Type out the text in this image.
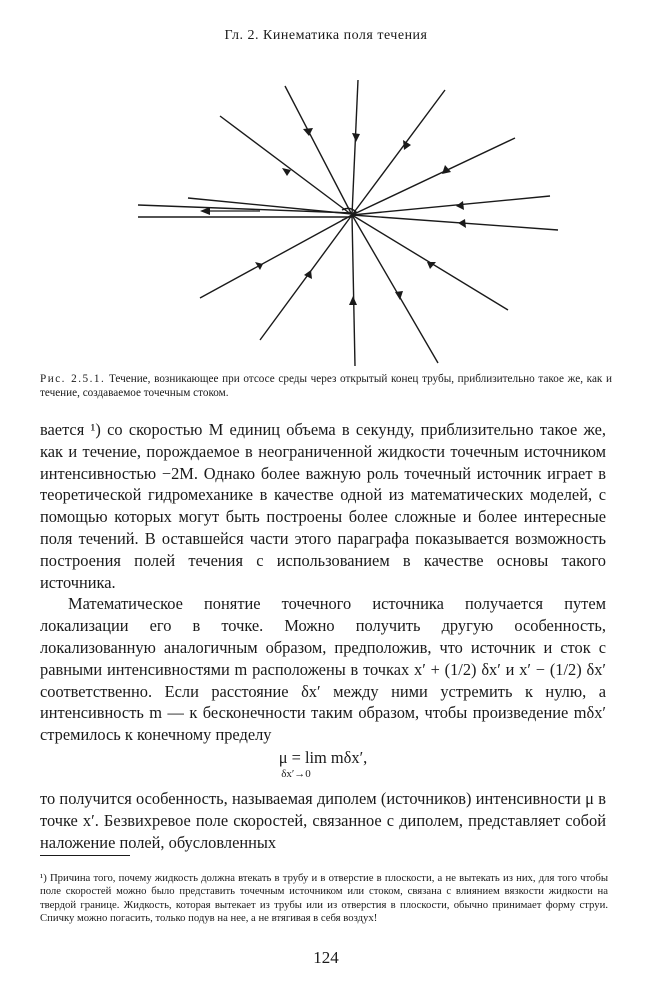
Гл. 2. Кинематика поля течения
Рис. 2.5.1. Течение, возникающее при отсосе среды через открытый конец трубы, приблизительно такое же, как и течение, создаваемое точечным стоком.

вается ¹) со скоростью M единиц объема в секунду, приблизительно такое же, как и течение, порождаемое в неограниченной жидкости точечным источником интенсивностью −2M. Однако более важную роль точечный источник играет в теоретической гидромеханике в качестве одной из математических моделей, с помощью которых могут быть построены более сложные и более интересные поля течений. В оставшейся части этого параграфа показывается возможность построения полей течения с использованием в качестве основы такого источника.

Математическое понятие точечного источника получается путем локализации его в точке. Можно получить другую особенность, локализованную аналогичным образом, предположив, что источник и сток с равными интенсивностями m расположены в точках x′ + (1/2) δx′ и x′ − (1/2) δx′ соответственно. Если расстояние δx′ между ними устремить к нулю, а интенсивность m — к бесконечности таким образом, чтобы произведение mδx′ стремилось к конечному пределу

μ = lim mδx′,
δx′→0

то получится особенность, называемая диполем (источников) интенсивности μ в точке x′. Безвихревое поле скоростей, связанное с диполем, представляет собой наложение полей, обусловленных

¹) Причина того, почему жидкость должна втекать в трубу и в отверстие в плоскости, а не вытекать из них, для того чтобы поле скоростей можно было представить точечным источником или стоком, связана с влиянием вязкости жидкости на твердой границе. Жидкость, которая вытекает из трубы или из отверстия в плоскости, обычно принимает форму струи. Спичку можно погасить, только подув на нее, а не втягивая в себя воздух!
124
